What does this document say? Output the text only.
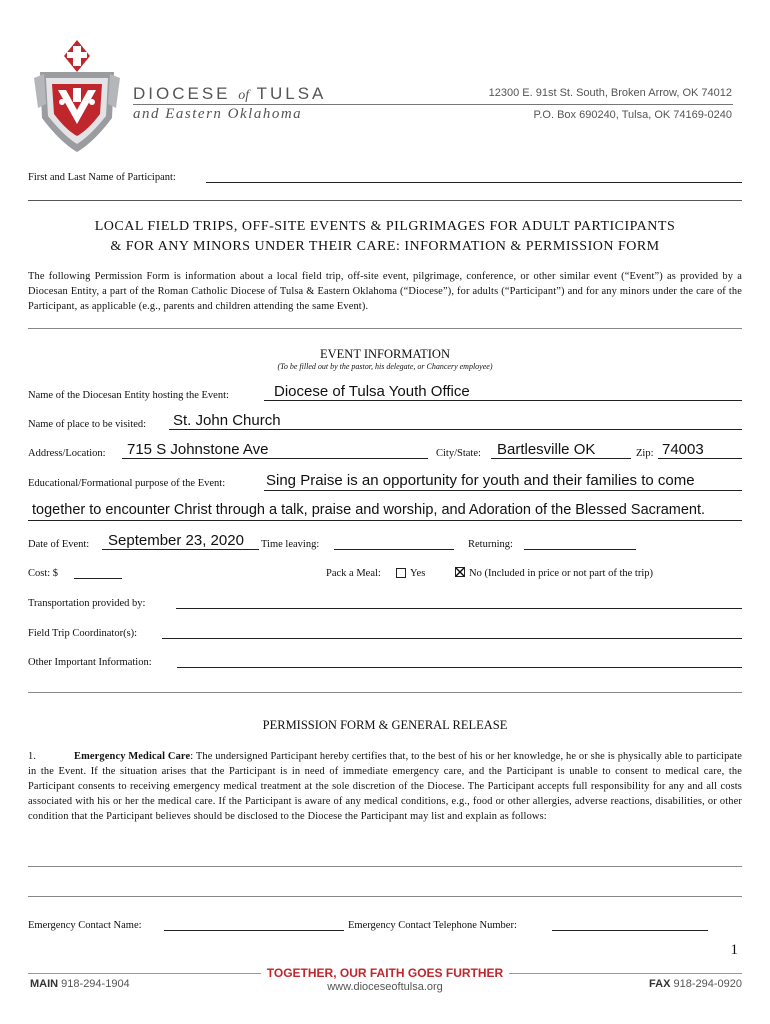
DIOCESE of TULSA
and Eastern Oklahoma
12300 E. 91st St. South, Broken Arrow, OK 74012
P.O. Box 690240, Tulsa, OK 74169-0240
First and Last Name of Participant:
LOCAL FIELD TRIPS, OFF-SITE EVENTS & PILGRIMAGES FOR ADULT PARTICIPANTS
& FOR ANY MINORS UNDER THEIR CARE: INFORMATION & PERMISSION FORM
The following Permission Form is information about a local field trip, off-site event, pilgrimage, conference, or other similar event (“Event”) as provided by a Diocesan Entity, a part of the Roman Catholic Diocese of Tulsa & Eastern Oklahoma (“Diocese”), for adults (“Participant”) and for any minors under the care of the Participant, as applicable (e.g., parents and children attending the same Event).
EVENT INFORMATION
(To be filled out by the pastor, his delegate, or Chancery employee)
Name of the Diocesan Entity hosting the Event:	Diocese of Tulsa Youth Office
Name of place to be visited: St. John Church
Address/Location: 715 S Johnstone Ave	City/State: Bartlesville OK	Zip: 74003
Educational/Formational purpose of the Event:	Sing Praise is an opportunity for youth and their families to come
together to encounter Christ through a talk, praise and worship, and Adoration of the Blessed Sacrament.
Date of Event: September 23, 2020 Time leaving:	Returning:
Cost: $	Pack a Meal:	Yes	No (Included in price or not part of the trip)
Transportation provided by:
Field Trip Coordinator(s):
Other Important Information:
PERMISSION FORM & GENERAL RELEASE
1.	Emergency Medical Care: The undersigned Participant hereby certifies that, to the best of his or her knowledge, he or she is physically able to participate in the Event. If the situation arises that the Participant is in need of immediate emergency care, and the Participant is unable to consent to medical care, the Participant consents to receiving emergency medical treatment at the sole discretion of the Diocese. The Participant accepts full responsibility for any and all costs associated with his or her the medical care. If the Participant is aware of any medical conditions, e.g., food or other allergies, adverse reactions, disabilities, or other condition that the Participant believes should be disclosed to the Diocese the Participant may list and explain as follows:
Emergency Contact Name:	Emergency Contact Telephone Number:
1
MAIN 918-294-1904
TOGETHER, OUR FAITH GOES FURTHER
www.dioceseoftulsa.org	FAX 918-294-0920
